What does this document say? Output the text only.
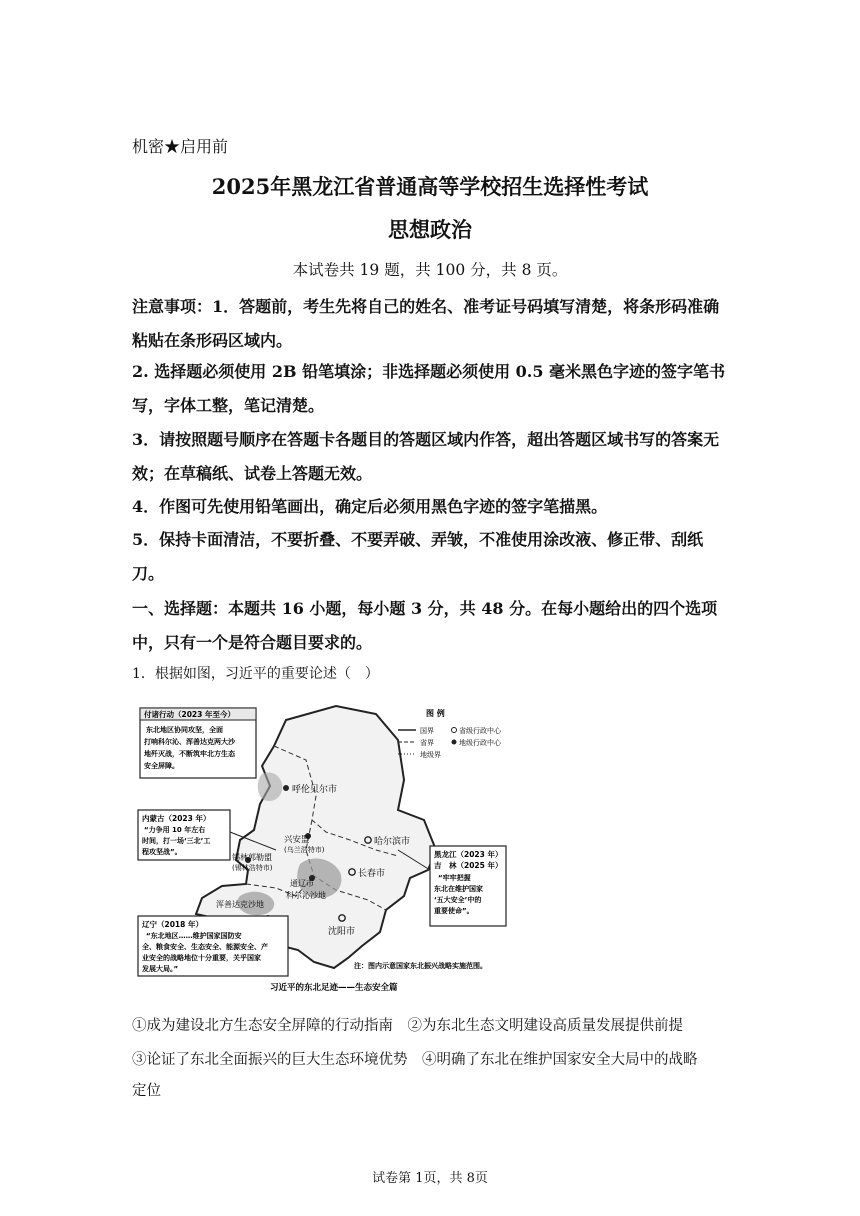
机密★启用前
2025年黑龙江省普通高等学校招生选择性考试
思想政治
本试卷共 19 题，共 100 分，共 8 页。
注意事项：1．答题前，考生先将自己的姓名、准考证号码填写清楚，将条形码准确粘贴在条形码区域内。
2. 选择题必须使用 2B 铅笔填涂；非选择题必须使用 0.5 毫米黑色字迹的签字笔书写，字体工整，笔记清楚。
3．请按照题号顺序在答题卡各题目的答题区域内作答，超出答题区域书写的答案无效；在草稿纸、试卷上答题无效。
4．作图可先使用铅笔画出，确定后必须用黑色字迹的签字笔描黑。
5．保持卡面清洁，不要折叠、不要弄破、弄皱，不准使用涂改液、修正带、刮纸刀。
一、选择题：本题共 16 小题，每小题 3 分，共 48 分。在每小题给出的四个选项中，只有一个是符合题目要求的。
1．根据如图，习近平的重要论述（　）
呼伦贝尔市
哈尔滨市
兴安盟
(乌兰浩特市)
长春市
锡林郭勒盟
(锡林浩特市)
通辽市
科尔沁沙地
浑善达克沙地
沈阳市
图 例
国界	省级行政中心
省界	地级行政中心
地级界
付诸行动（2023 年至今）
东北地区协同攻坚，全面
打响科尔沁、浑善达克两大沙
地歼灭战，不断筑牢北方生态
安全屏障。
内蒙古（2023 年）
“力争用 10 年左右
时间，打一场‘三北’工
程攻坚战”。	黑龙江（2023 年）
吉　林（2025 年）
“牢牢把握
东北在维护国家
‘五大安全’中的
重要使命”。
辽宁（2018 年）
“东北地区……维护国家国防安
全、粮食安全、生态安全、能源安全、产
业安全的战略地位十分重要，关乎国家
发展大局。”	注：图内示意国家东北振兴战略实施范围。
习近平的东北足迹——生态安全篇
①成为建设北方生态安全屏障的行动指南　②为东北生态文明建设高质量发展提供前提
③论证了东北全面振兴的巨大生态环境优势　④明确了东北在维护国家安全大局中的战略
定位
试卷第 1页，共 8页
